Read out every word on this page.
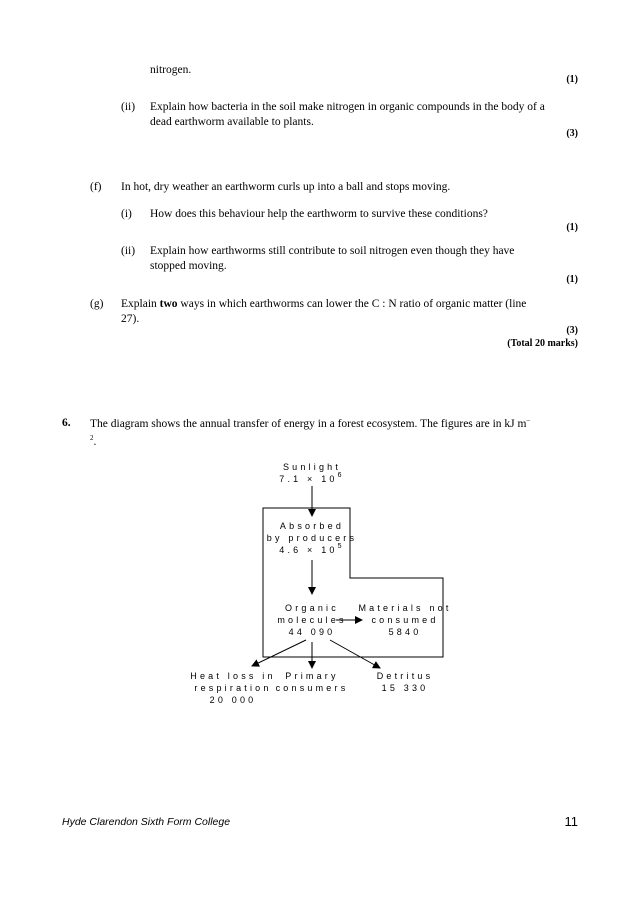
nitrogen.
(1)
(ii) Explain how bacteria in the soil make nitrogen in organic compounds in the body of a dead earthworm available to plants.
(3)
(f) In hot, dry weather an earthworm curls up into a ball and stops moving.
(i) How does this behaviour help the earthworm to survive these conditions?
(1)
(ii) Explain how earthworms still contribute to soil nitrogen even though they have stopped moving.
(1)
(g) Explain two ways in which earthworms can lower the C : N ratio of organic matter (line 27).
(3)
(Total 20 marks)
6. The diagram shows the annual transfer of energy in a forest ecosystem. The figures are in kJ $m^{-2}$.
Sunlight
$7.1 \times 10^6$
Absorbed
by producers
$4.6 \times 10^5$
Organic
molecules
44 090
Materials not
consumed
5840
Heat loss in
respiration
20 000
Primary
consumers
Detritus
15 330
Hyde Clarendon Sixth Form College	11
